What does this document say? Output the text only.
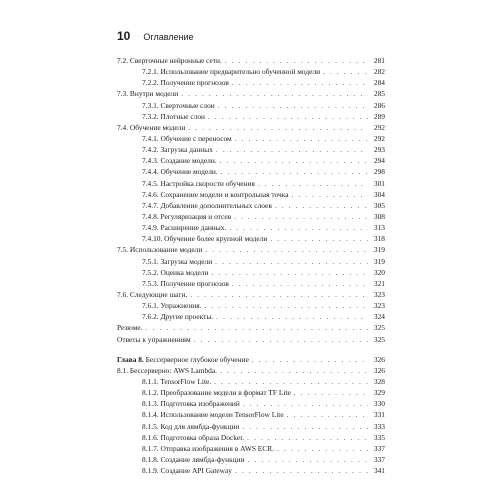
10 Оглавление
7.2. Сверточные нейронные сети. . . .	281
7.2.1. Использование предварительно обученной модели . . .	282
7.2.2. Получение прогнозов . . .	284
7.3. Внутри модели . . .	285
7.3.1. Сверточные слои . . .	286
7.3.2. Плотные слои . . .	289
7.4. Обучение модели . . .	292
7.4.1. Обучение с переносом . . .	292
7.4.2. Загрузка данных . . .	293
7.4.3. Создание модели. . . .	294
7.4.4. Обучение модели. . . .	298
7.4.5. Настройка скорости обучения . . .	301
7.4.6. Сохранение модели и контрольная точка . . .	304
7.4.7. Добавление дополнительных слоев . . .	305
7.4.8. Регуляризация и отсев . . .	308
7.4.9. Расширение данных. . . .	313
7.4.10. Обучение более крупной модели . . .	318
7.5. Использование модели . . .	319
7.5.1. Загрузка модели . . .	319
7.5.2. Оценка модели . . .	320
7.5.3. Получение прогнозов . . .	321
7.6. Следующие шаги. . . .	323
7.6.1. Упражнения. . . .	323
7.6.2. Другие проекты. . . .	324
Резюме. . . .	325
Ответы к упражнениям . . .	325
Глава 8. Бессерверное глубокое обучение . . .	326
8.1. Бессерверно: AWS Lambda. . . .	326
8.1.1. TensorFlow Lite. . . .	328
8.1.2. Преобразование модели в формат TF Lite . . .	329
8.1.3. Подготовка изображений . . .	330
8.1.4. Использование модели TensorFlow Lite . . .	331
8.1.5. Код для лямбда-функции . . .	333
8.1.6. Подготовка образа Docker. . . .	335
8.1.7. Отправка изображения в AWS ECR. . . .	337
8.1.8. Создание лямбда-функции . . .	337
8.1.9. Создание API Gateway . . .	341
